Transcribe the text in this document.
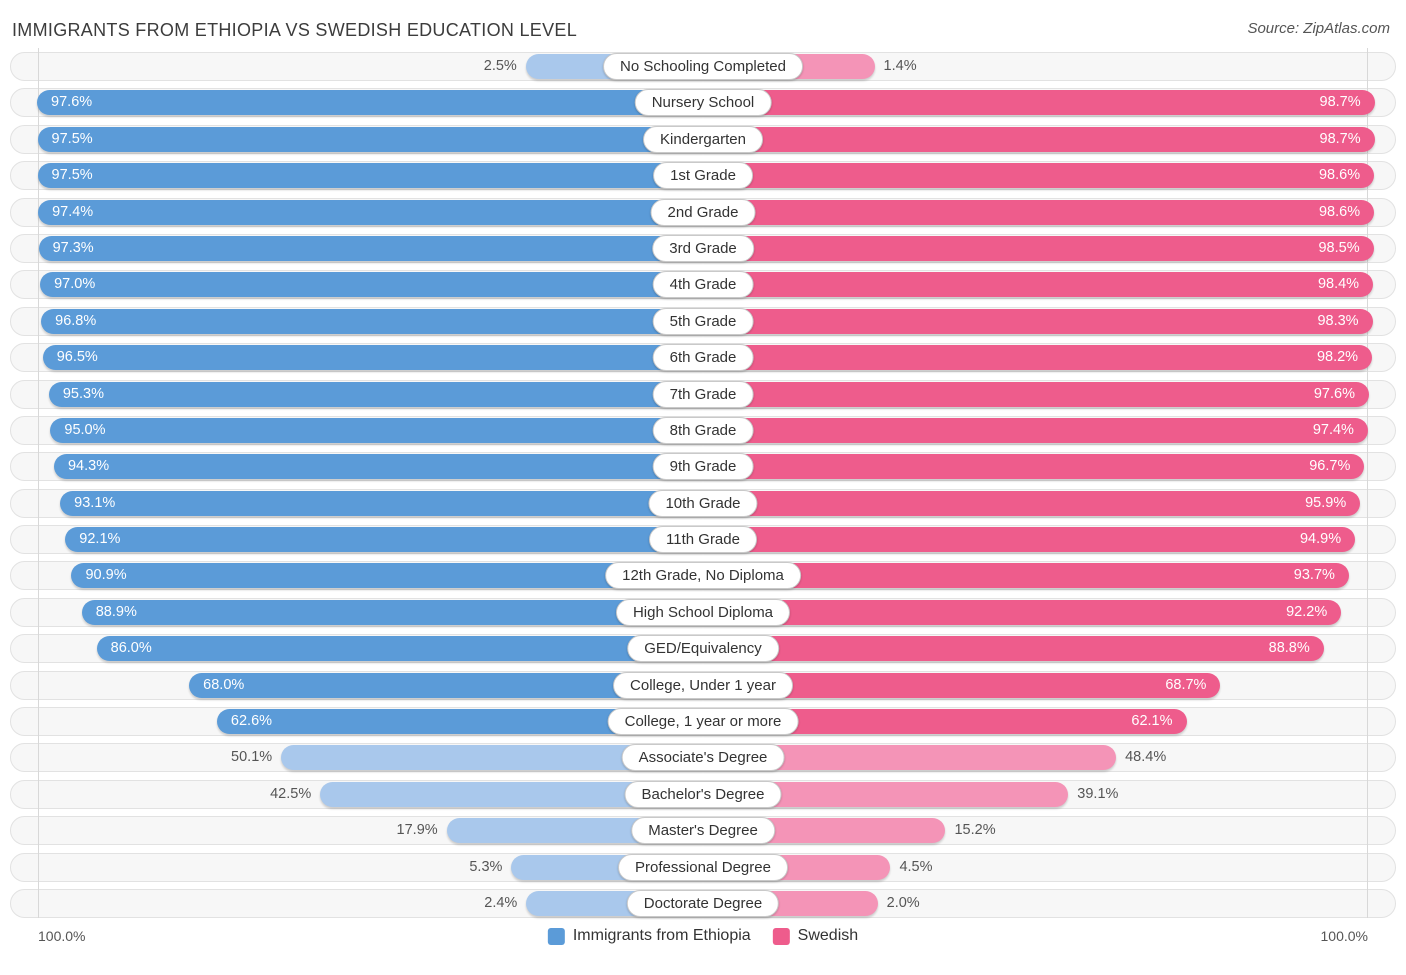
IMMIGRANTS FROM ETHIOPIA VS SWEDISH EDUCATION LEVEL	Source: ZipAtlas.com
2.5%	1.4%
No Schooling Completed
97.6%	98.7%
Nursery School
97.5%	98.7%
Kindergarten
97.5%	98.6%
1st Grade
97.4%	98.6%
2nd Grade
97.3%	98.5%
3rd Grade
97.0%	98.4%
4th Grade
96.8%	98.3%
5th Grade
96.5%	98.2%
6th Grade
95.3%	97.6%
7th Grade
95.0%	97.4%
8th Grade
94.3%	96.7%
9th Grade
93.1%	95.9%
10th Grade
92.1%	94.9%
11th Grade
90.9%	93.7%
12th Grade, No Diploma
88.9%	92.2%
High School Diploma
86.0%	88.8%
GED/Equivalency
68.0%	68.7%
College, Under 1 year
62.6%	62.1%
College, 1 year or more
50.1%	48.4%
Associate's Degree
42.5%	39.1%
Bachelor's Degree
17.9%	15.2%
Master's Degree
5.3%	4.5%
Professional Degree
2.4%	2.0%
Doctorate Degree
100.0%	Immigrants from Ethiopia	Swedish	100.0%
